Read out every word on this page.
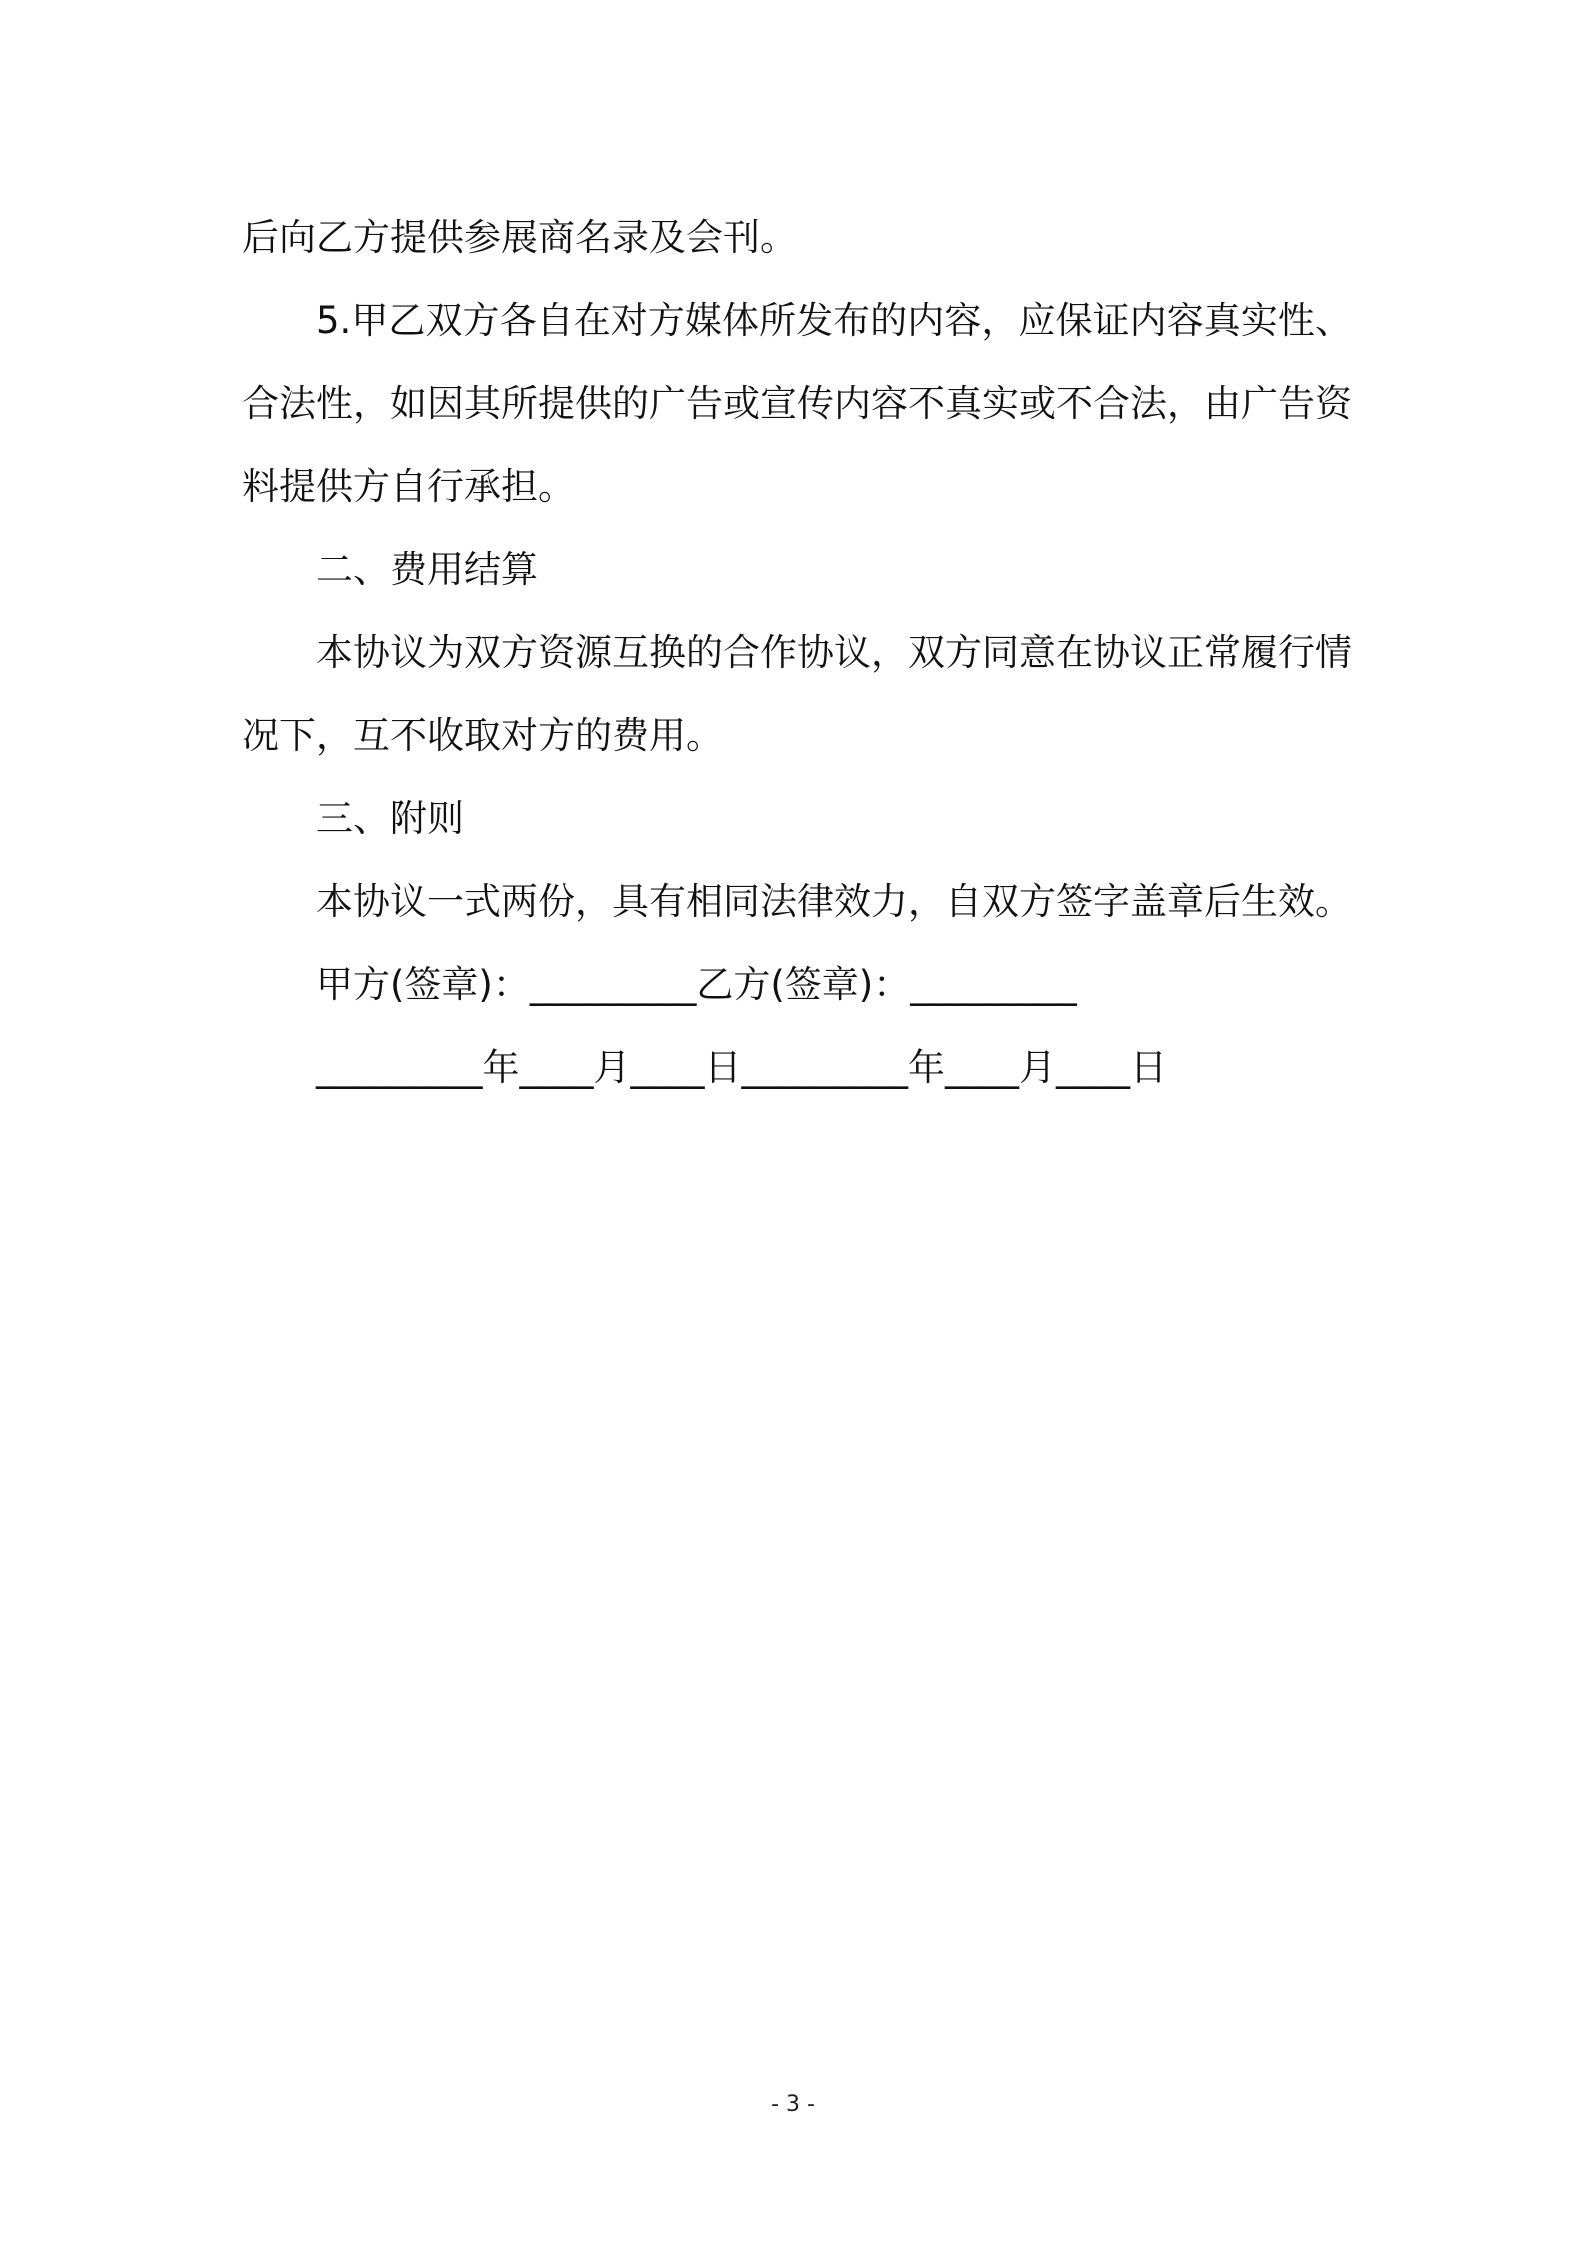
后向乙方提供参展商名录及会刊。

5.甲乙双方各自在对方媒体所发布的内容，应保证内容真实性、

合法性，如因其所提供的广告或宣传内容不真实或不合法，由广告资

料提供方自行承担。

二、费用结算

本协议为双方资源互换的合作协议，双方同意在协议正常履行情

况下，互不收取对方的费用。

三、附则

本协议一式两份，具有相同法律效力，自双方签字盖章后生效。

甲方(签章)：_________乙方(签章)：_________

_________年____月____日_________年____月____日

- 3 -
